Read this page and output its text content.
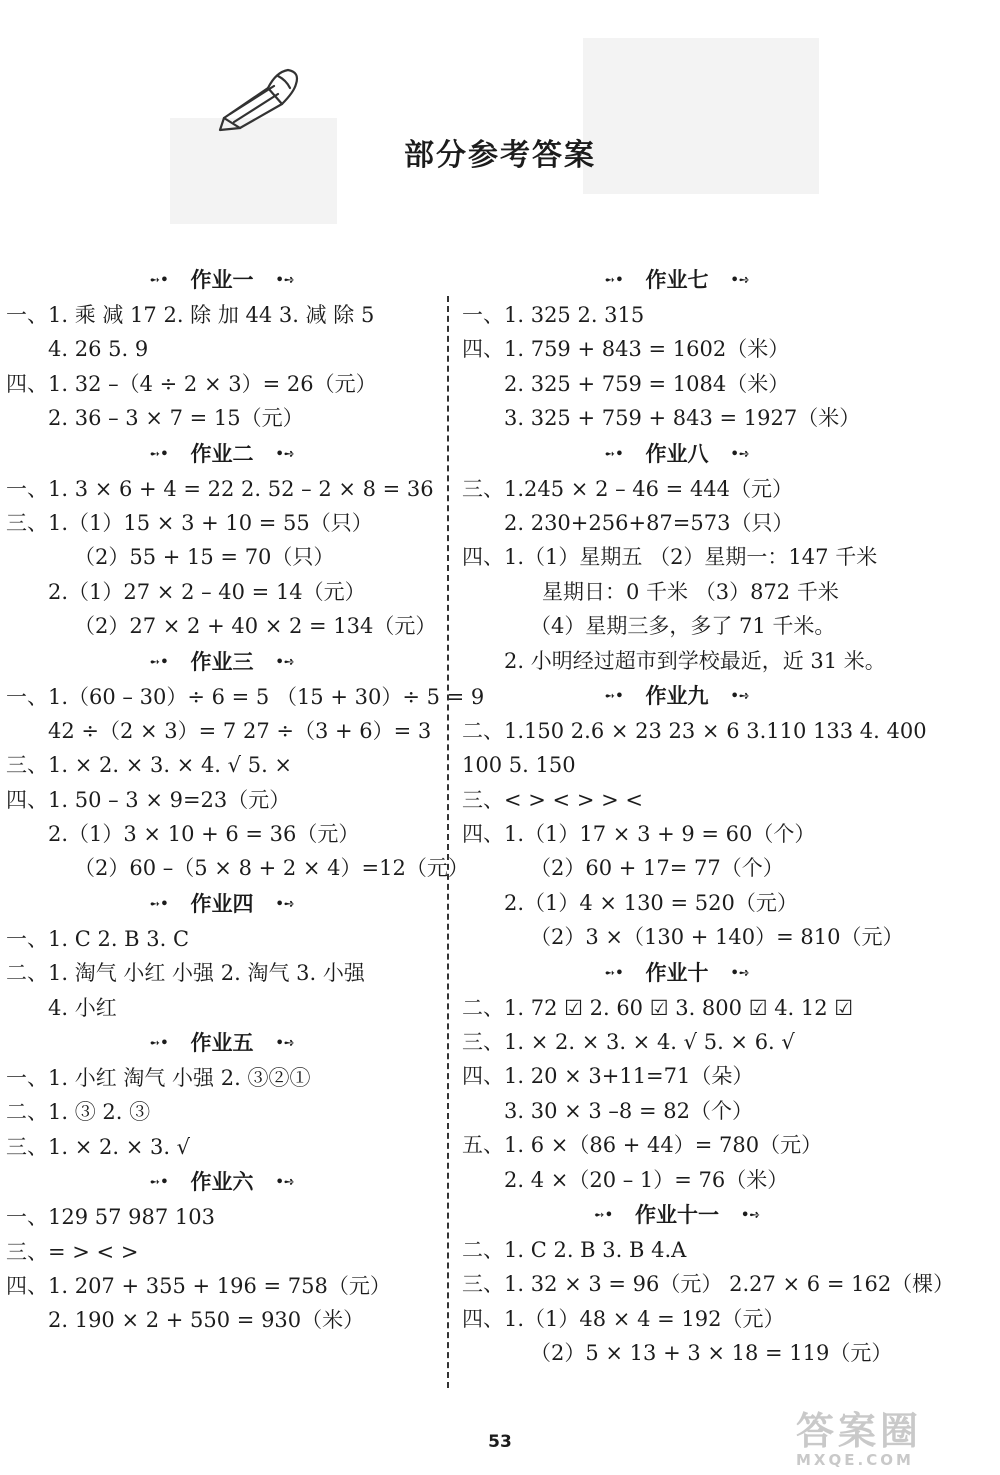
部分参考答案
➻• 作业一 •➺
一、1. 乘 减 17 2. 除 加 44 3. 减 除 5
4. 26 5. 9
四、1. 32 –（4 ÷ 2 × 3）= 26（元）
2. 36 – 3 × 7 = 15（元）
➻• 作业二 •➺
一、1. 3 × 6 + 4 = 22 2. 52 – 2 × 8 = 36
三、1.（1）15 × 3 + 10 = 55（只）
（2）55 + 15 = 70（只）
2.（1）27 × 2 – 40 = 14（元）
（2）27 × 2 + 40 × 2 = 134（元）
➻• 作业三 •➺
一、1.（60 – 30）÷ 6 = 5 （15 + 30）÷ 5 = 9
42 ÷（2 × 3）= 7 27 ÷（3 + 6）= 3
三、1. × 2. × 3. × 4. √ 5. ×
四、1. 50 – 3 × 9=23（元）
2.（1）3 × 10 + 6 = 36（元）
（2）60 –（5 × 8 + 2 × 4）=12（元）
➻• 作业四 •➺
一、1. C 2. B 3. C
二、1. 淘气 小红 小强 2. 淘气 3. 小强
4. 小红
➻• 作业五 •➺
一、1. 小红 淘气 小强 2. ③②①
二、1. ③ 2. ③
三、1. × 2. × 3. √
➻• 作业六 •➺
一、129 57 987 103
三、= > < >
四、1. 207 + 355 + 196 = 758（元）
2. 190 × 2 + 550 = 930（米）
➻• 作业七 •➺
一、1. 325 2. 315
四、1. 759 + 843 = 1602（米）
2. 325 + 759 = 1084（米）
3. 325 + 759 + 843 = 1927（米）
➻• 作业八 •➺
三、1.245 × 2 – 46 = 444（元）
2. 230+256+87=573（只）
四、1.（1）星期五 （2）星期一：147 千米
星期日：0 千米 （3）872 千米
（4）星期三多，多了 71 千米。
2. 小明经过超市到学校最近，近 31 米。
➻• 作业九 •➺
二、1.150 2.6 × 23 23 × 6 3.110 133 4. 400
100 5. 150
三、< > < > > <
四、1.（1）17 × 3 + 9 = 60（个）
（2）60 + 17= 77（个）
2.（1）4 × 130 = 520（元）
（2）3 ×（130 + 140）= 810（元）
➻• 作业十 •➺
二、1. 72 ☑ 2. 60 ☑ 3. 800 ☑ 4. 12 ☑
三、1. × 2. × 3. × 4. √ 5. × 6. √
四、1. 20 × 3+11=71（朵）
3. 30 × 3 –8 = 82（个）
五、1. 6 ×（86 + 44）= 780（元）
2. 4 ×（20 – 1）= 76（米）
➻• 作业十一 •➺
二、1. C 2. B 3. B 4.A
三、1. 32 × 3 = 96（元） 2.27 × 6 = 162（棵）
四、1.（1）48 × 4 = 192（元）
（2）5 × 13 + 3 × 18 = 119（元）
53	答案圈
MXQE.COM
